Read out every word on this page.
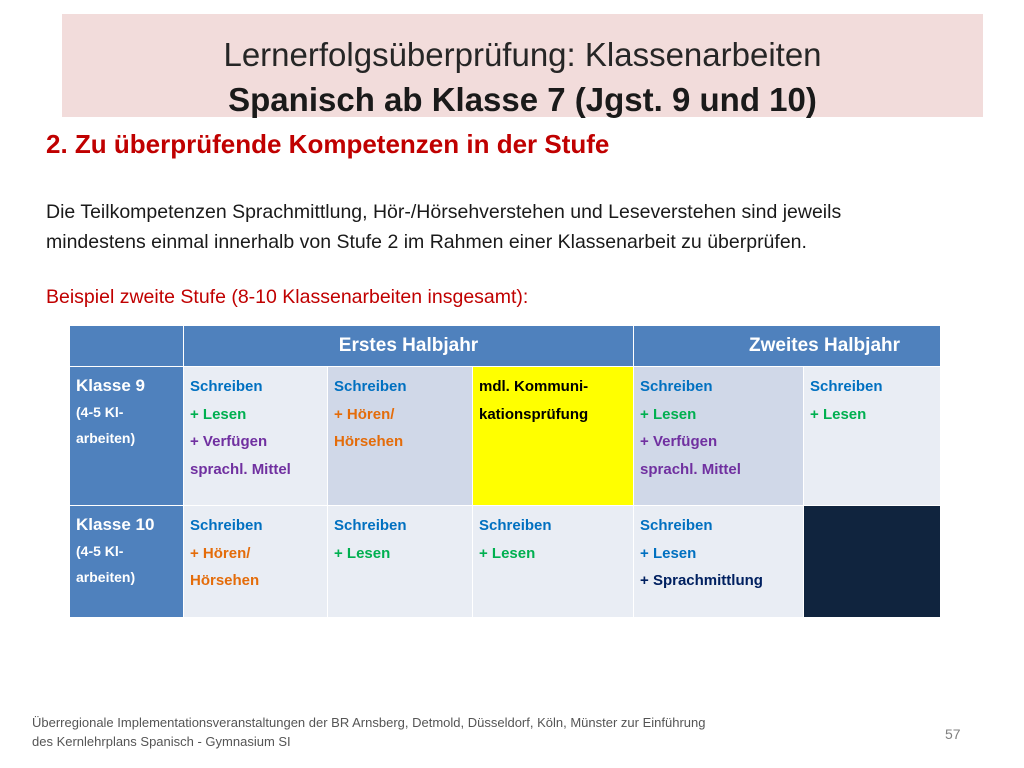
Lernerfolgsüberprüfung: Klassenarbeiten
Spanisch ab Klasse 7 (Jgst. 9 und 10)
2. Zu überprüfende Kompetenzen in der Stufe
Die Teilkompetenzen Sprachmittlung, Hör-/Hörsehverstehen und Leseverstehen sind jeweils
mindestens einmal innerhalb von Stufe 2 im Rahmen einer Klassenarbeit zu überprüfen.
Beispiel zweite Stufe (8-10 Klassenarbeiten insgesamt):
	Erstes Halbjahr			Zweites Halbjahr	

Klasse 9
(4-5 Kl-
arbeiten)	Schreiben
+ Lesen
+ Verfügen
sprachl. Mittel	Schreiben
+ Hören/
Hörsehen	mdl. Kommuni-
kationsprüfung	Schreiben
+ Lesen
+ Verfügen
sprachl. Mittel	Schreiben
+ Lesen

Klasse 10
(4-5 Kl-
arbeiten)	Schreiben
+ Hören/
Hörsehen	Schreiben
+ Lesen	Schreiben
+ Lesen	Schreiben
+ Lesen
+ Sprachmittlung	

Überregionale Implementationsveranstaltungen der BR Arnsberg, Detmold, Düsseldorf, Köln, Münster zur Einführung
des Kernlehrplans Spanisch - Gymnasium SI	57
